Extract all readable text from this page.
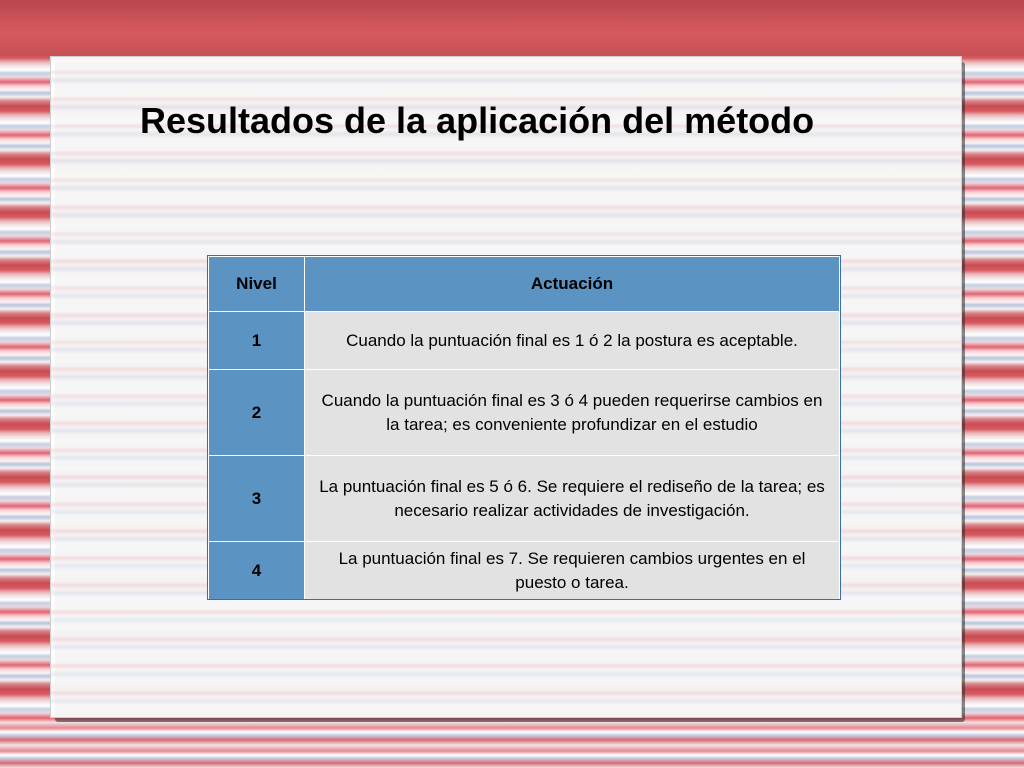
Resultados de la aplicación del método
Nivel	Actuación
1	Cuando la puntuación final es 1 ó 2 la postura es aceptable.
2	Cuando la puntuación final es 3 ó 4 pueden requerirse cambios en la tarea; es conveniente profundizar en el estudio
3	La puntuación final es 5 ó 6. Se requiere el rediseño de la tarea; es necesario realizar actividades de investigación.
4	La puntuación final es 7. Se requieren cambios urgentes en el puesto o tarea.
